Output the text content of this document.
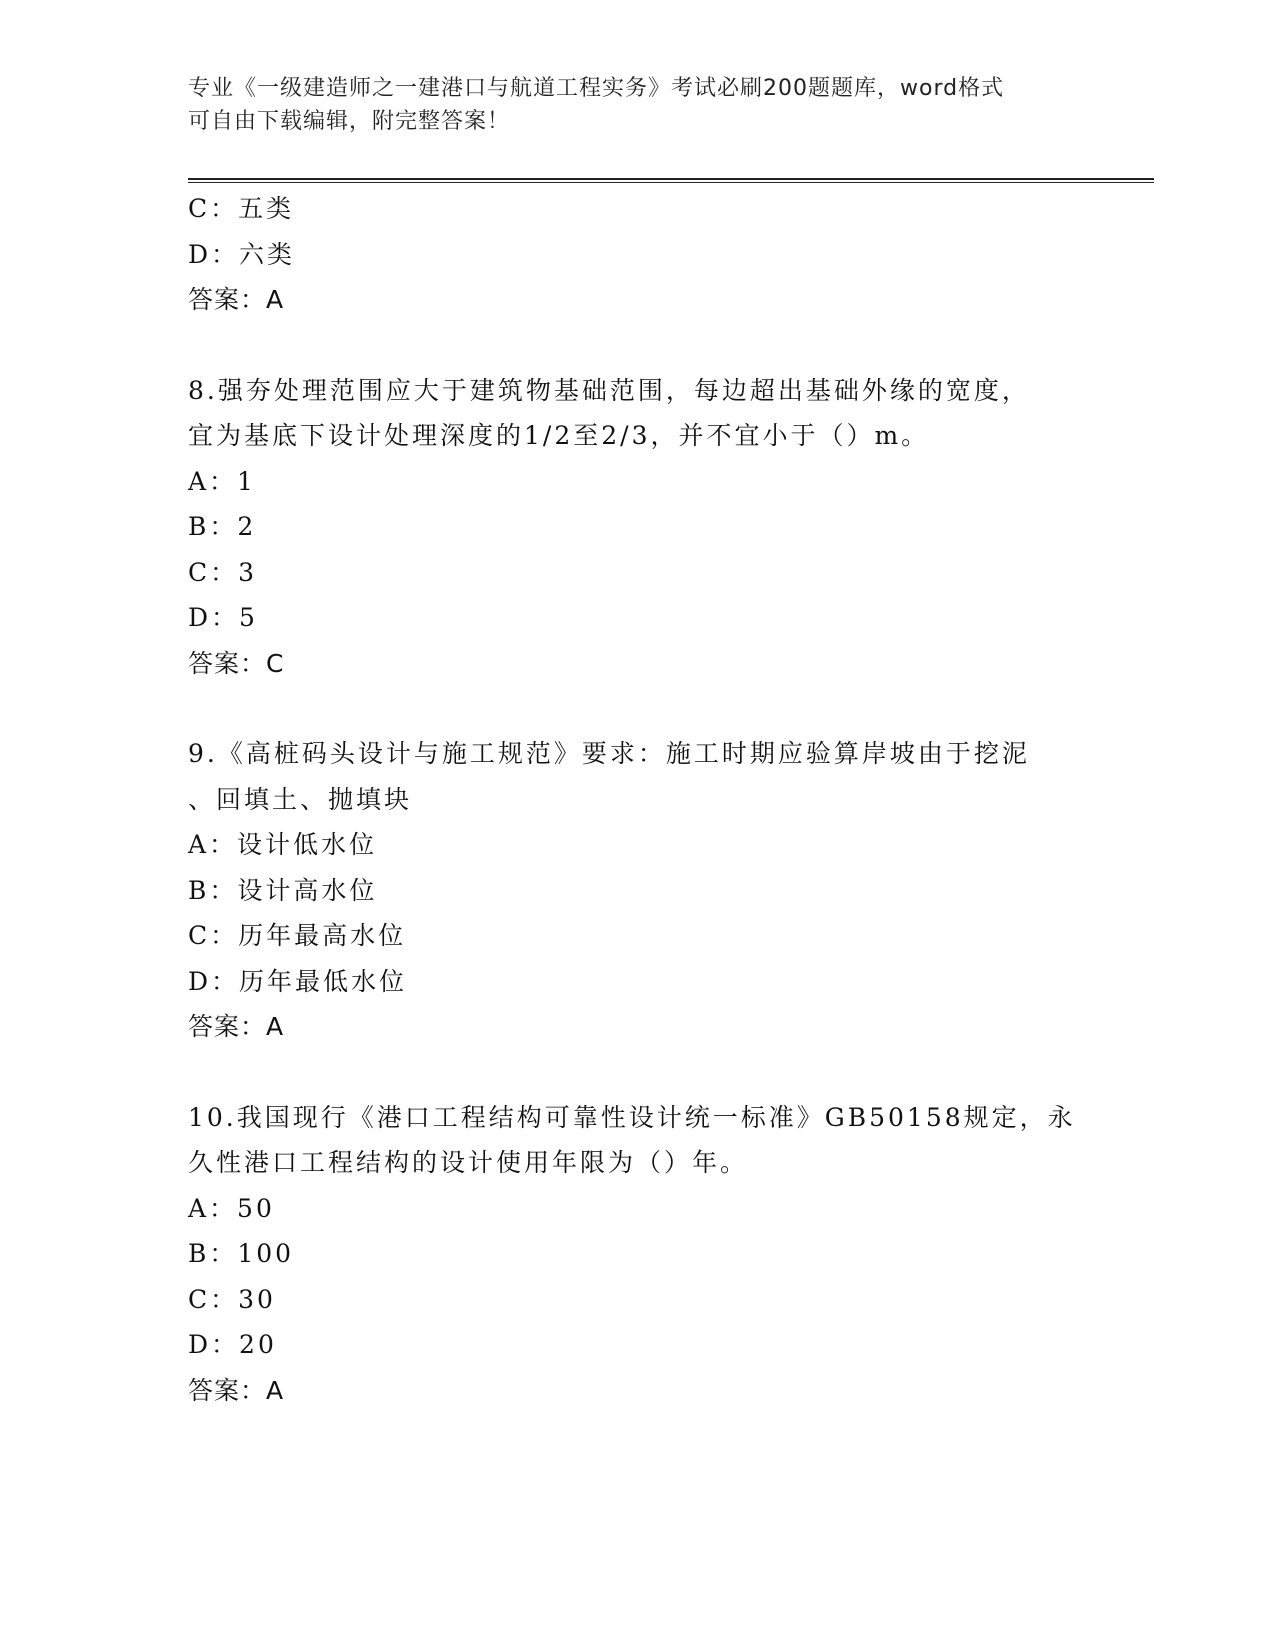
专业《一级建造师之一建港口与航道工程实务》考试必刷200题题库，word格式
可自由下载编辑，附完整答案！
C：五类
D：六类
答案：A
8.强夯处理范围应大于建筑物基础范围，每边超出基础外缘的宽度，
宜为基底下设计处理深度的1/2至2/3，并不宜小于（）m。
A：1
B：2
C：3
D：5
答案：C
9.《高桩码头设计与施工规范》要求：施工时期应验算岸坡由于挖泥
、回填土、抛填块
A：设计低水位
B：设计高水位
C：历年最高水位
D：历年最低水位
答案：A
10.我国现行《港口工程结构可靠性设计统一标准》GB50158规定，永
久性港口工程结构的设计使用年限为（）年。
A：50
B：100
C：30
D：20
答案：A
